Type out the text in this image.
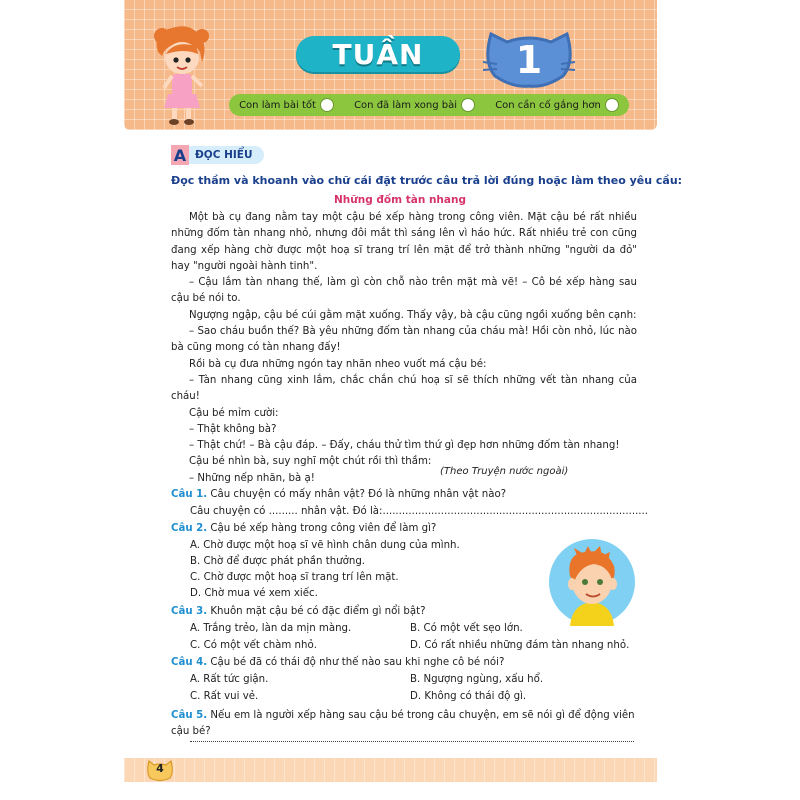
TUẦN	1
Con làm bài tốt	Con đã làm xong bài	Con cần cố gắng hơn
A ĐỌC HIỂU
Đọc thầm và khoanh vào chữ cái đặt trước câu trả lời đúng hoặc làm theo yêu cầu:
Những đốm tàn nhang

Một bà cụ đang nằm tay một cậu bé xếp hàng trong công viên. Mặt cậu bé rất nhiều những đốm tàn nhang nhỏ, nhưng đôi mắt thì sáng lên vì háo hức. Rất nhiều trẻ con cũng đang xếp hàng chờ được một hoạ sĩ trang trí lên mặt để trở thành những "người da đỏ" hay "người ngoài hành tinh".

– Cậu lắm tàn nhang thế, làm gì còn chỗ nào trên mặt mà vẽ! – Cô bé xếp hàng sau cậu bé nói to.

Ngượng ngập, cậu bé cúi gằm mặt xuống. Thấy vậy, bà cậu cũng ngồi xuống bên cạnh:

– Sao cháu buồn thế? Bà yêu những đốm tàn nhang của cháu mà! Hồi còn nhỏ, lúc nào bà cũng mong có tàn nhang đấy!

Rồi bà cụ đưa những ngón tay nhăn nheo vuốt má cậu bé:

– Tàn nhang cũng xinh lắm, chắc chắn chú hoạ sĩ sẽ thích những vết tàn nhang của cháu!

Cậu bé mỉm cười:

– Thật không bà?

– Thật chứ! – Bà cậu đáp. – Đấy, cháu thử tìm thứ gì đẹp hơn những đốm tàn nhang!

Cậu bé nhìn bà, suy nghĩ một chút rồi thì thầm:

– Những nếp nhăn, bà ạ!

(Theo Truyện nước ngoài)
Câu 1. Câu chuyện có mấy nhân vật? Đó là những nhân vật nào?
Câu chuyện có ......... nhân vật. Đó là:..................................................................................
Câu 2. Cậu bé xếp hàng trong công viên để làm gì?
A. Chờ được một hoạ sĩ vẽ hình chân dung của mình.
B. Chờ để được phát phần thưởng.
C. Chờ được một hoạ sĩ trang trí lên mặt.
D. Chờ mua vé xem xiếc.
Câu 3. Khuôn mặt cậu bé có đặc điểm gì nổi bật?
A. Trắng trẻo, làn da mịn màng.	B. Có một vết sẹo lớn.
C. Có một vết chàm nhỏ.	D. Có rất nhiều những đám tàn nhang nhỏ.
Câu 4. Cậu bé đã có thái độ như thế nào sau khi nghe cô bé nói?
A. Rất tức giận.	B. Ngượng ngùng, xấu hổ.
C. Rất vui vẻ.	D. Không có thái độ gì.
Câu 5. Nếu em là người xếp hàng sau cậu bé trong câu chuyện, em sẽ nói gì để động viên cậu bé?
4
